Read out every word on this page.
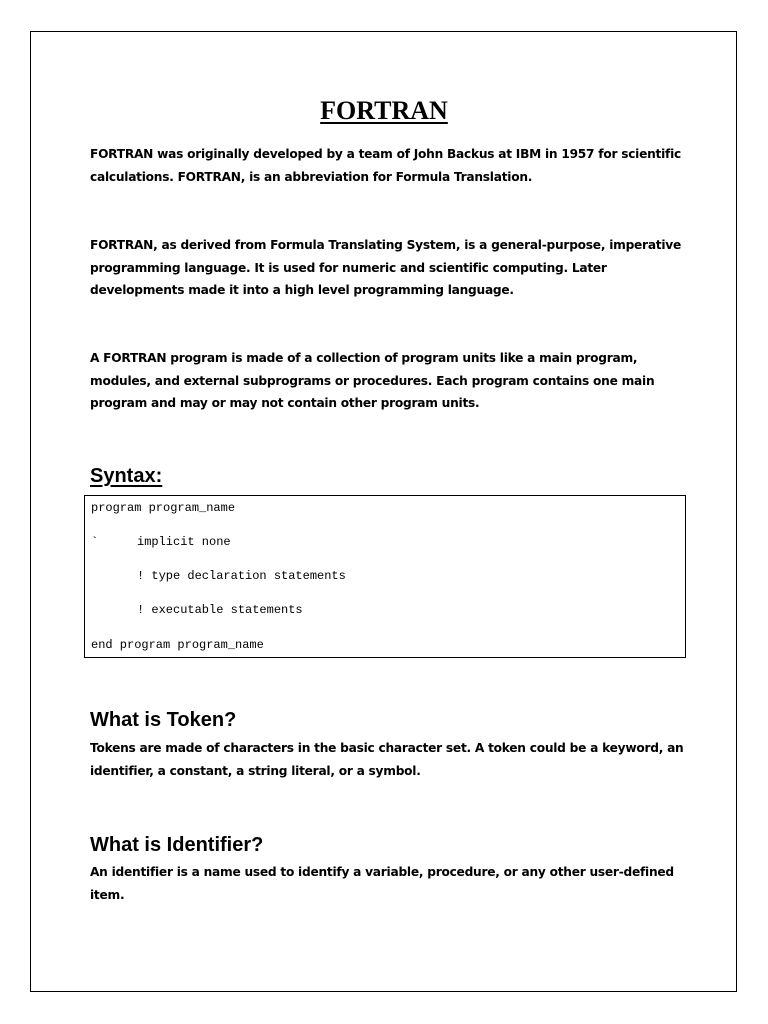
FORTRAN

FORTRAN was originally developed by a team of John Backus at IBM in 1957 for scientific calculations. FORTRAN, is an abbreviation for Formula Translation.

FORTRAN, as derived from Formula Translating System, is a general-purpose, imperative programming language. It is used for numeric and scientific computing. Later developments made it into a high level programming language.

A FORTRAN program is made of a collection of program units like a main program, modules, and external subprograms or procedures. Each program contains one main program and may or may not contain other program units.

Syntax:

program program_name

`	implicit none

! type declaration statements

! executable statements

end program program_name

What is Token?

Tokens are made of characters in the basic character set. A token could be a keyword, an identifier, a constant, a string literal, or a symbol.

What is Identifier?

An identifier is a name used to identify a variable, procedure, or any other user-defined item.
